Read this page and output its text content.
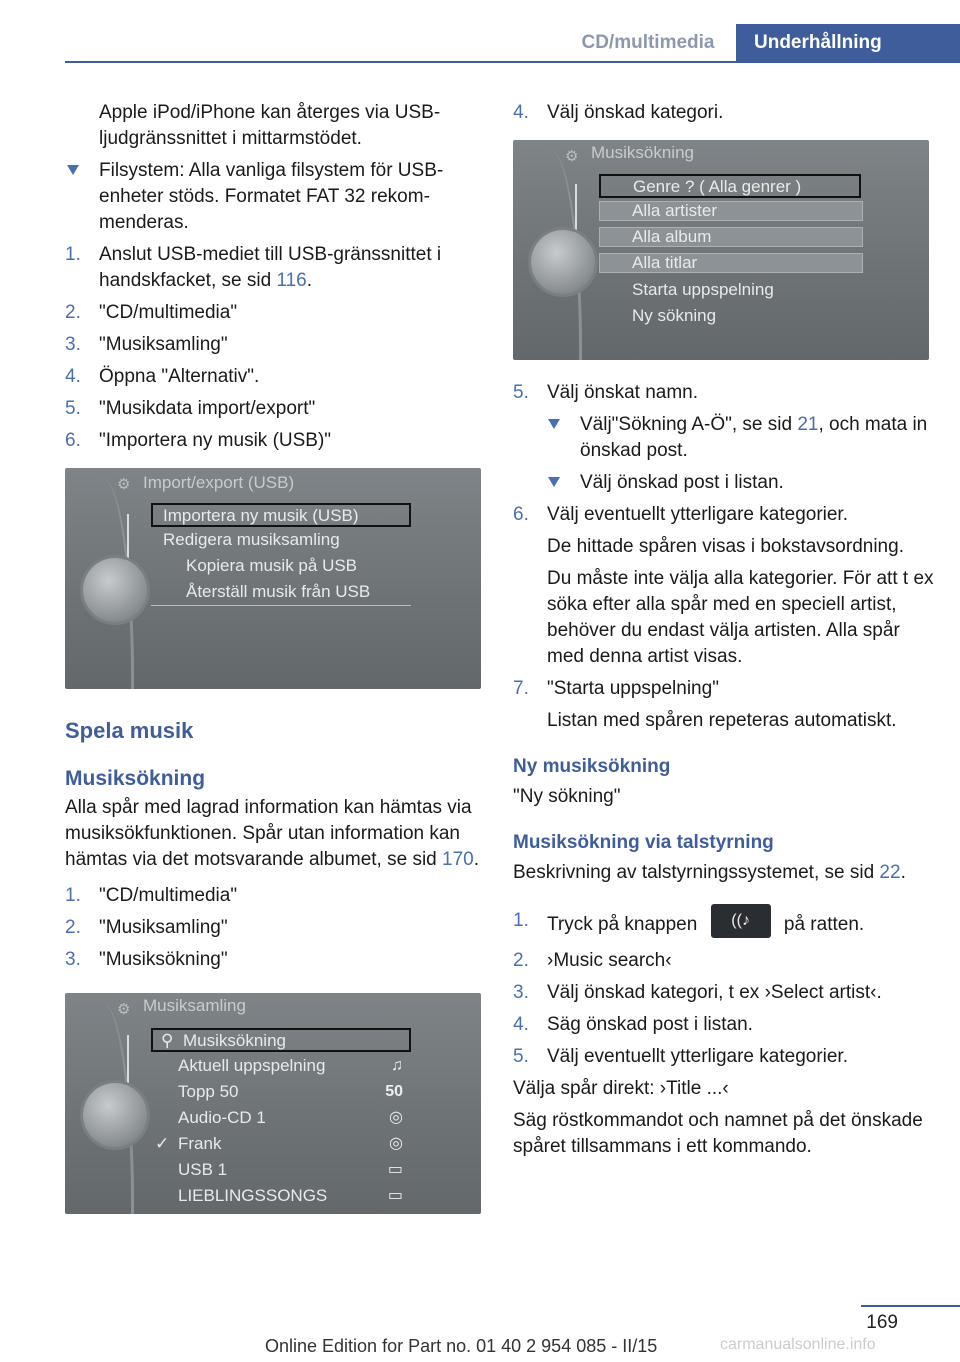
CD/multimedia	Underhållning

Apple iPod/iPhone kan återges via USB-ljudgränssnittet i mittarmstödet.

Filsystem: Alla vanliga filsystem för USB-enheter stöds. Formatet FAT 32 rekommenderas.
1. Anslut USB-mediet till USB-gränssnittet i handskfacket, se sid 116.
2. "CD/multimedia"
3. "Musiksamling"
4. Öppna "Alternativ".
5. "Musikdata import/export"
6. "Importera ny musik (USB)"
⚙ Import/export (USB)
Importera ny musik (USB)
Redigera musiksamling
Kopiera musik på USB
Återställ musik från USB
Spela musik
Musiksökning

Alla spår med lagrad information kan hämtas via musiksökfunktionen. Spår utan information kan hämtas via det motsvarande albumet, se sid 170.

1. "CD/multimedia"
2. "Musiksamling"
3. "Musiksökning"
⚙ Musiksamling
⚲ Musiksökning
Aktuell uppspelning	♫
Topp 50	50
Audio-CD 1	◎
✓ Frank	◎
USB 1	▭
LIEBLINGSSONGS	▭
4. Välj önskad kategori.
⚙ Musiksökning
Genre ? ( Alla genrer )
Alla artister
Alla album
Alla titlar
Starta uppspelning
Ny sökning
5. Välj önskat namn.
Välj"Sökning A-Ö", se sid 21, och mata in önskad post.
Välj önskad post i listan.
6. Välj eventuellt ytterligare kategorier.

De hittade spåren visas i bokstavsordning.

Du måste inte välja alla kategorier. För att t ex söka efter alla spår med en speciell artist, behöver du endast välja artisten. Alla spår med denna artist visas.

7. "Starta uppspelning"

Listan med spåren repeteras automatiskt.

Ny musiksökning

"Ny sökning"

Musiksökning via talstyrning

Beskrivning av talstyrningssystemet, se sid 22.

1. Tryck på knappen ((♪ på ratten.
2. ›Music search‹
3. Välj önskad kategori, t ex ›Select artist‹.
4. Säg önskad post i listan.
5. Välj eventuellt ytterligare kategorier.

Välja spår direkt: ›Title ...‹

Säg röstkommandot och namnet på det önskade spåret tillsammans i ett kommando.

169
Online Edition for Part no. 01 40 2 954 085 - II/15	carmanualsonline.info
